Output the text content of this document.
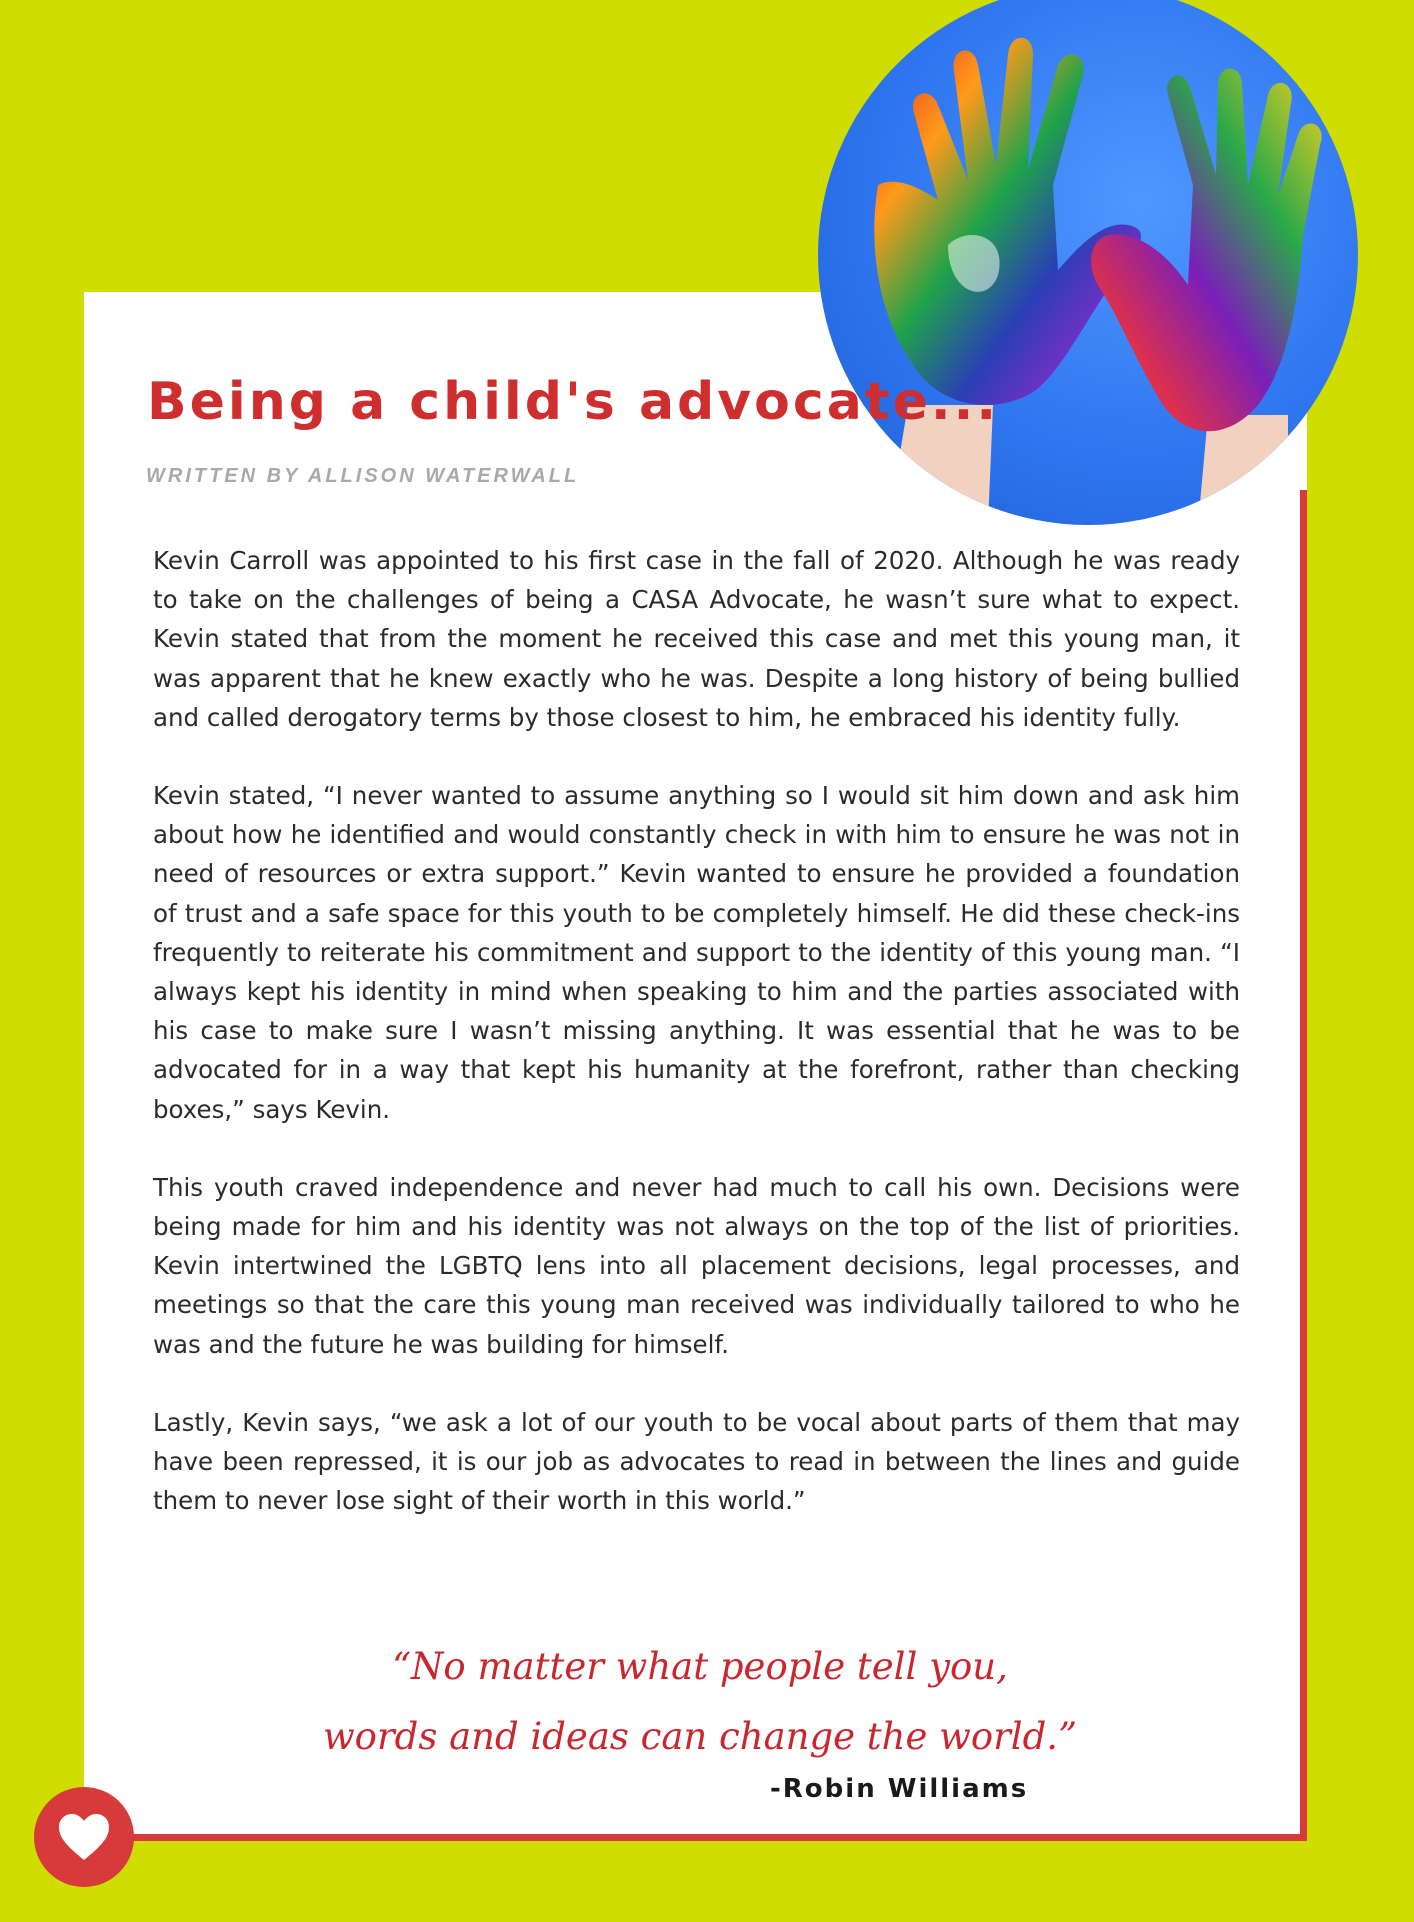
Being a child's advocate...

WRITTEN BY ALLISON WATERWALL

Kevin Carroll was appointed to his first case in the fall of 2020. Although he was ready to take on the challenges of being a CASA Advocate, he wasn’t sure what to expect. Kevin stated that from the moment he received this case and met this young man, it was apparent that he knew exactly who he was. Despite a long history of being bullied and called derogatory terms by those closest to him, he embraced his identity fully.

Kevin stated, “I never wanted to assume anything so I would sit him down and ask him about how he identified and would constantly check in with him to ensure he was not in need of resources or extra support.” Kevin wanted to ensure he provided a foundation of trust and a safe space for this youth to be completely himself. He did these check-ins frequently to reiterate his commitment and support to the identity of this young man. “I always kept his identity in mind when speaking to him and the parties associated with his case to make sure I wasn’t missing anything. It was essential that he was to be advocated for in a way that kept his humanity at the forefront, rather than checking boxes,” says Kevin.

This youth craved independence and never had much to call his own. Decisions were being made for him and his identity was not always on the top of the list of priorities. Kevin intertwined the LGBTQ lens into all placement decisions, legal processes, and meetings so that the care this young man received was individually tailored to who he was and the future he was building for himself.

Lastly, Kevin says, “we ask a lot of our youth to be vocal about parts of them that may have been repressed, it is our job as advocates to read in between the lines and guide them to never lose sight of their worth in this world.”

“No matter what people tell you,
words and ideas can change the world.”

-Robin Williams
